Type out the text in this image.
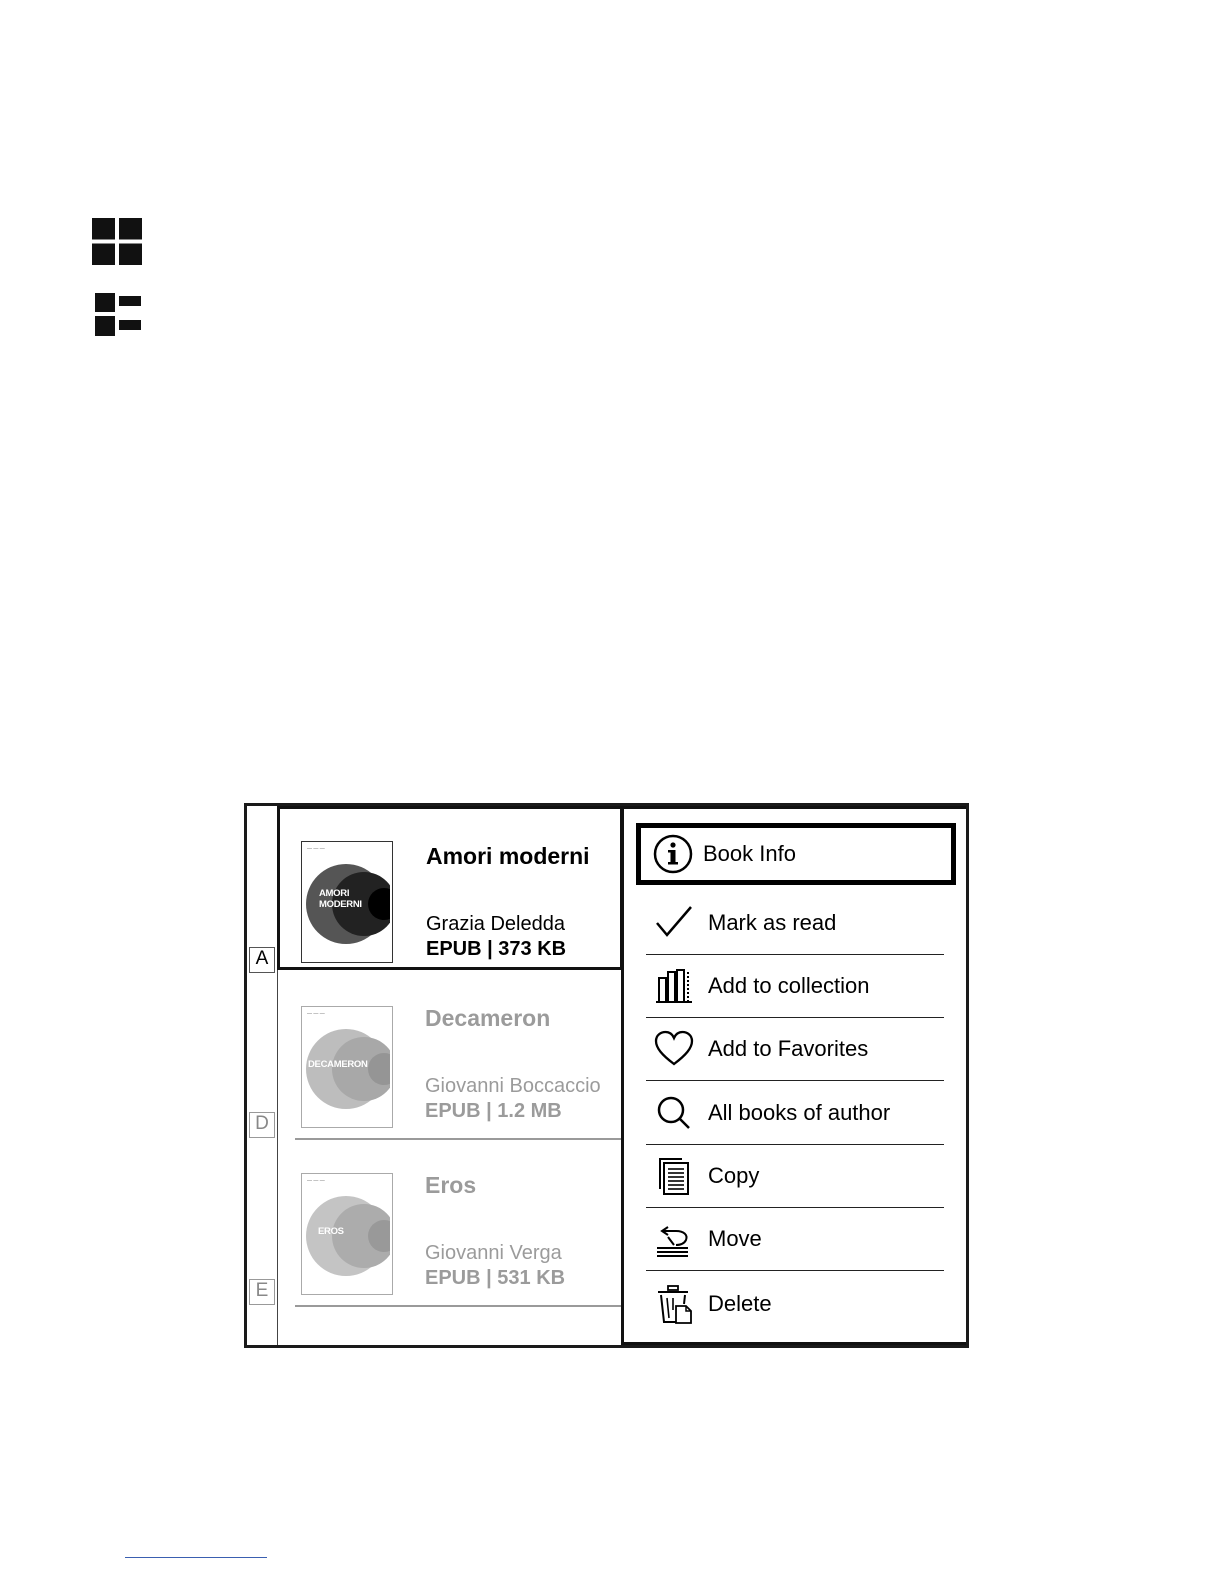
A
D
E
— — —
AMORI MODERNI
Amori moderni
Grazia Deledda
EPUB | 373 KB
— — —
DECAMERON
Decameron
Giovanni Boccaccio
EPUB | 1.2 MB
— — —
EROS
Eros
Giovanni Verga
EPUB | 531 KB
Book Info
Mark as read
Add to collection
Add to Favorites
All books of author
Copy
Move
Delete
